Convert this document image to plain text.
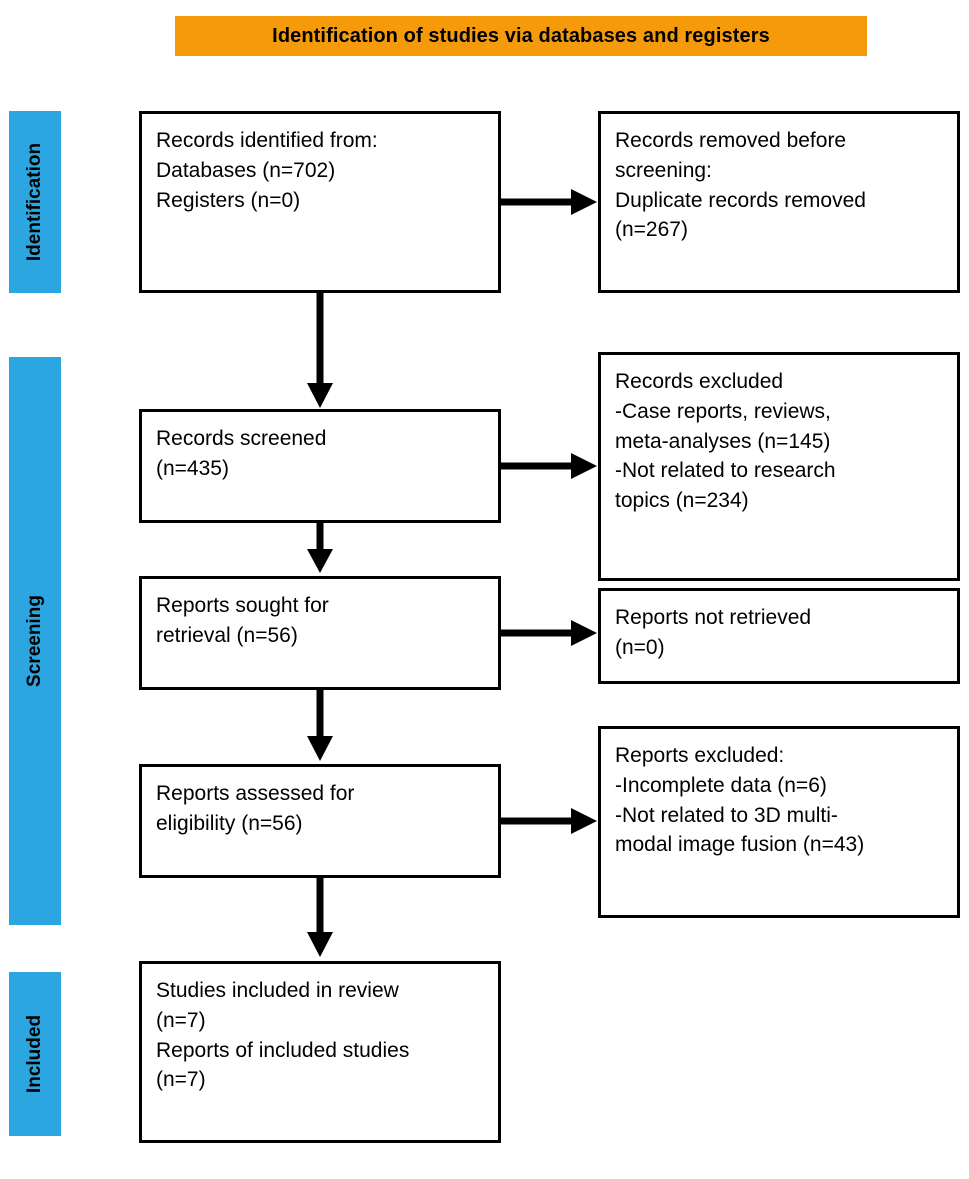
Identification of studies via databases and registers
Identification
Screening
Included
Records identified from:
Databases (n=702)
Registers (n=0)
Records removed before
screening:
Duplicate records removed
(n=267)
Records screened
(n=435)
Records excluded
-Case reports, reviews,
meta-analyses (n=145)
-Not related to research
topics (n=234)
Reports sought for
retrieval (n=56)
Reports not retrieved
(n=0)
Reports assessed for
eligibility (n=56)
Reports excluded:
-Incomplete data (n=6)
-Not related to 3D multi-
modal image fusion (n=43)
Studies included in review
(n=7)
Reports of included studies
(n=7)
